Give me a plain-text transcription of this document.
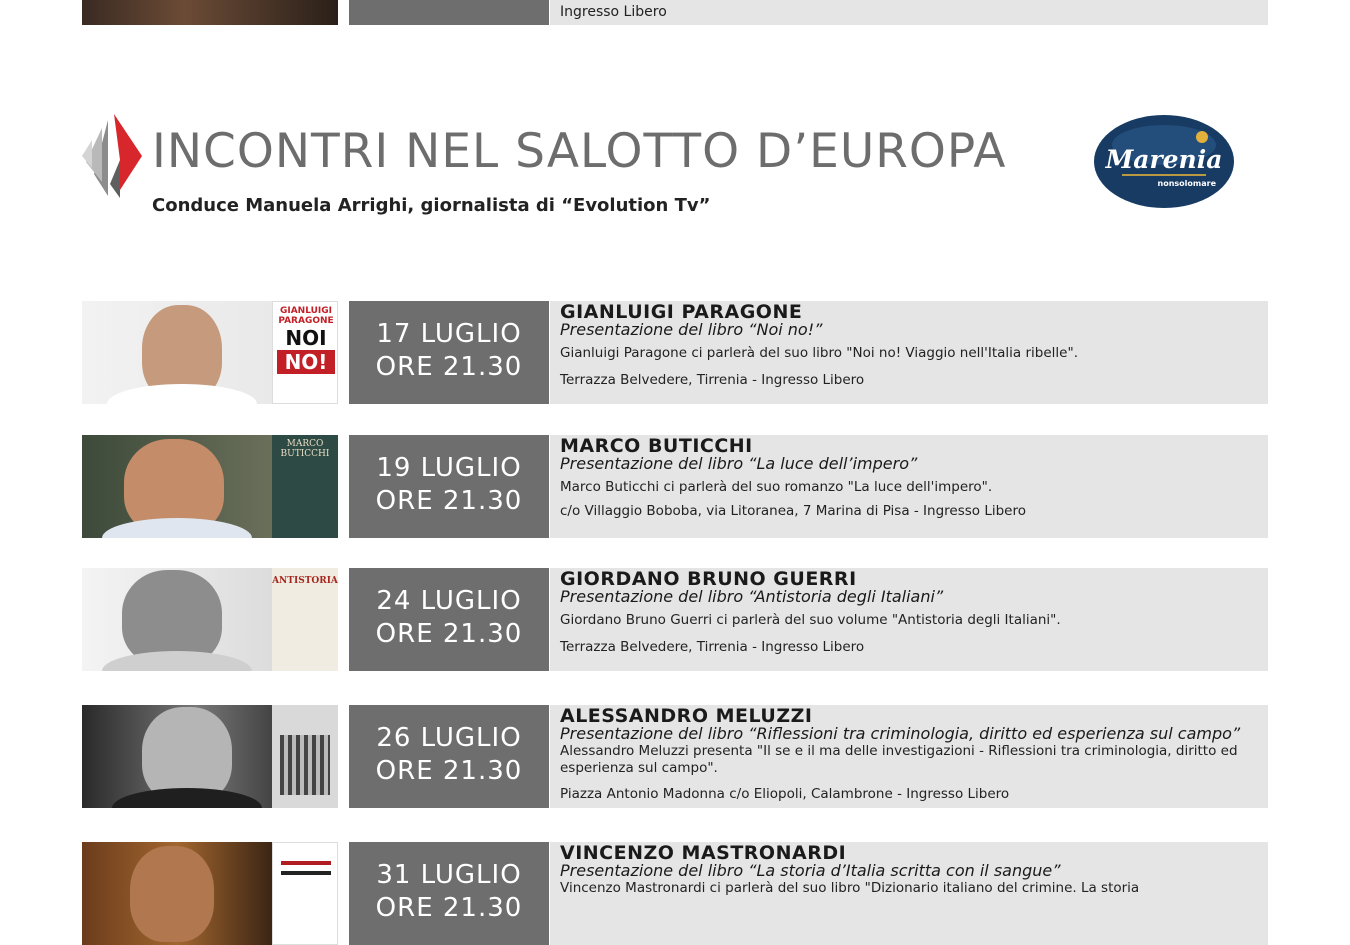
Ingresso Libero
INCONTRI NEL SALOTTO D’EUROPA
Conduce Manuela Arrighi, giornalista di “Evolution Tv”
Marenia
nonsolomare
GIANLUIGI PARAGONE
NOI
NO!
17 LUGLIO
ORE 21.30
GIANLUIGI PARAGONE
Presentazione del libro “Noi no!”
Gianluigi Paragone ci parlerà del suo libro "Noi no! Viaggio nell'Italia ribelle".
Terrazza Belvedere, Tirrenia - Ingresso Libero
MARCO BUTICCHI	19 LUGLIO
ORE 21.30
MARCO BUTICCHI
Presentazione del libro “La luce dell’impero”
Marco Buticchi ci parlerà del suo romanzo "La luce dell'impero".
c/o Villaggio Boboba, via Litoranea, 7 Marina di Pisa - Ingresso Libero
ANTISTORIA
24 LUGLIO
ORE 21.30
GIORDANO BRUNO GUERRI
Presentazione del libro “Antistoria degli Italiani”
Giordano Bruno Guerri ci parlerà del suo volume "Antistoria degli Italiani".
Terrazza Belvedere, Tirrenia - Ingresso Libero
26 LUGLIO
ORE 21.30
ALESSANDRO MELUZZI
Presentazione del libro “Riflessioni tra criminologia, diritto ed esperienza sul campo”
Alessandro Meluzzi presenta "Il se e il ma delle investigazioni - Riflessioni tra criminologia, diritto ed esperienza sul campo".
Piazza Antonio Madonna c/o Eliopoli, Calambrone - Ingresso Libero
31 LUGLIO
ORE 21.30
VINCENZO MASTRONARDI
Presentazione del libro “La storia d’Italia scritta con il sangue”
Vincenzo Mastronardi ci parlerà del suo libro "Dizionario italiano del crimine. La storia
